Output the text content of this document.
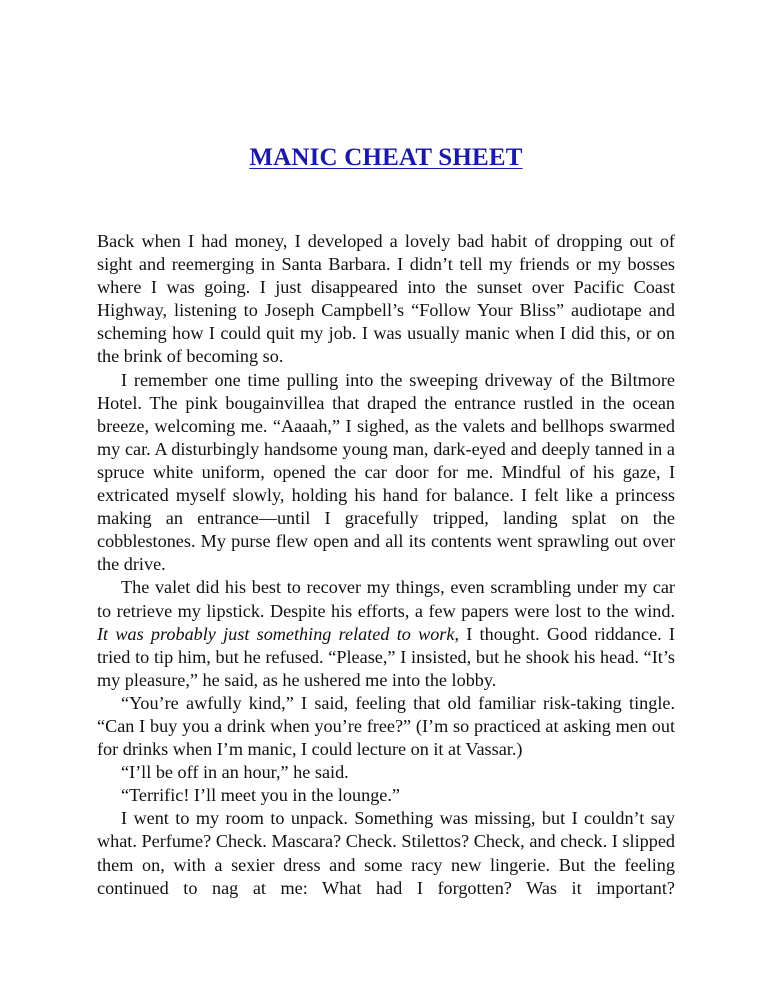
MANIC CHEAT SHEET

Back when I had money, I developed a lovely bad habit of dropping out of sight and reemerging in Santa Barbara. I didn’t tell my friends or my bosses where I was going. I just disappeared into the sunset over Pacific Coast Highway, listening to Joseph Campbell’s “Follow Your Bliss” audiotape and scheming how I could quit my job. I was usually manic when I did this, or on the brink of becoming so.

I remember one time pulling into the sweeping driveway of the Biltmore Hotel. The pink bougainvillea that draped the entrance rustled in the ocean breeze, welcoming me. “Aaaah,” I sighed, as the valets and bellhops swarmed my car. A disturbingly handsome young man, dark-eyed and deeply tanned in a spruce white uniform, opened the car door for me. Mindful of his gaze, I extricated myself slowly, holding his hand for balance. I felt like a princess making an entrance—until I gracefully tripped, landing splat on the cobblestones. My purse flew open and all its contents went sprawling out over the drive.

The valet did his best to recover my things, even scrambling under my car to retrieve my lipstick. Despite his efforts, a few papers were lost to the wind. It was probably just something related to work, I thought. Good riddance. I tried to tip him, but he refused. “Please,” I insisted, but he shook his head. “It’s my pleasure,” he said, as he ushered me into the lobby.

“You’re awfully kind,” I said, feeling that old familiar risk-taking tingle. “Can I buy you a drink when you’re free?” (I’m so practiced at asking men out for drinks when I’m manic, I could lecture on it at Vassar.)

“I’ll be off in an hour,” he said.

“Terrific! I’ll meet you in the lounge.”

I went to my room to unpack. Something was missing, but I couldn’t say what. Perfume? Check. Mascara? Check. Stilettos? Check, and check. I slipped them on, with a sexier dress and some racy new lingerie. But the feeling continued to nag at me: What had I forgotten? Was it important?
